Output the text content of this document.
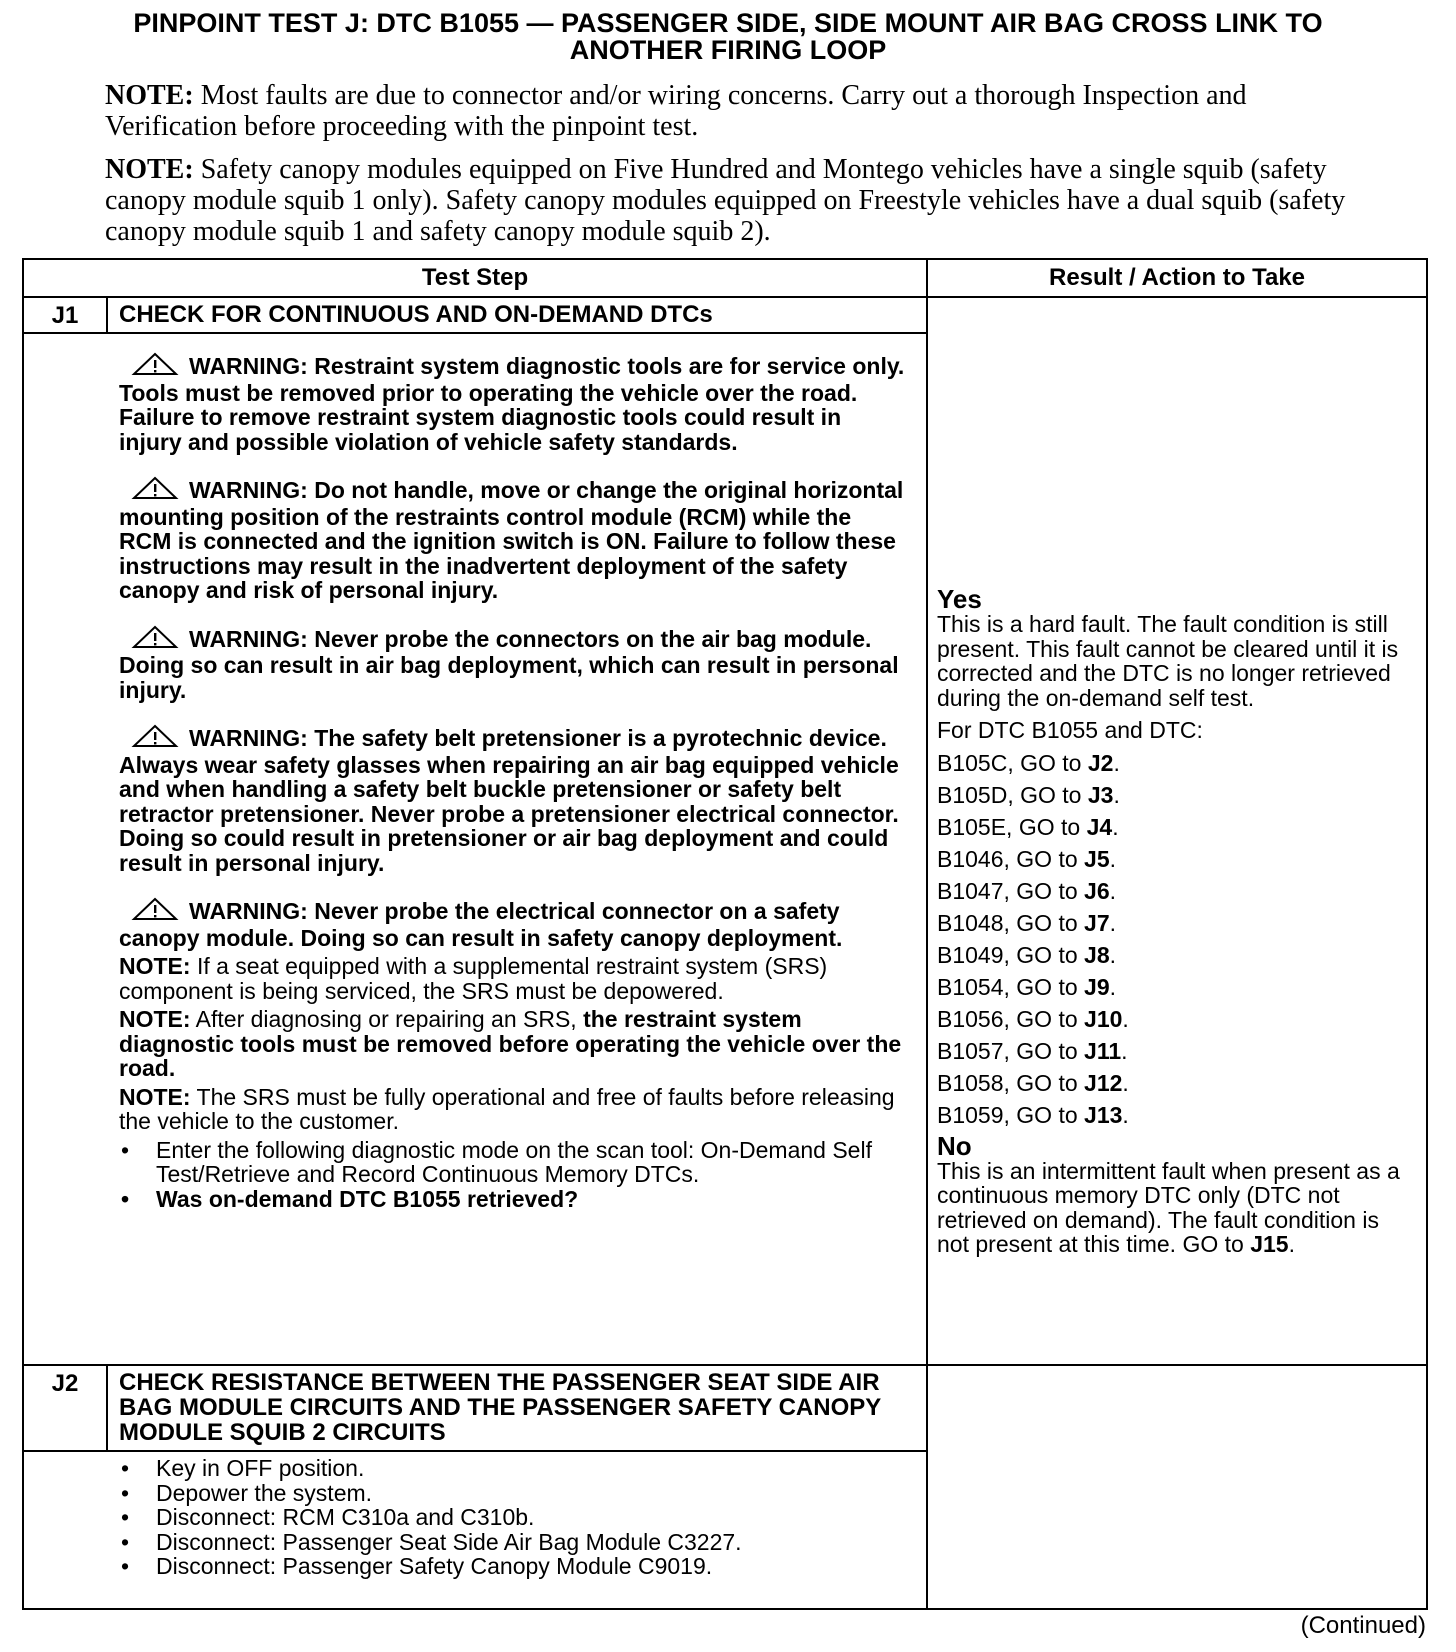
PINPOINT TEST J: DTC B1055 — PASSENGER SIDE, SIDE MOUNT AIR BAG CROSS LINK TO
ANOTHER FIRING LOOP
NOTE: Most faults are due to connector and/or wiring concerns. Carry out a thorough Inspection and Verification before proceeding with the pinpoint test.
NOTE: Safety canopy modules equipped on Five Hundred and Montego vehicles have a single squib (safety canopy module squib 1 only). Safety canopy modules equipped on Freestyle vehicles have a dual squib (safety canopy module squib 1 and safety canopy module squib 2).
Test Step	Result / Action to Take
J1	CHECK FOR CONTINUOUS AND ON-DEMAND DTCs
WARNING: Restraint system diagnostic tools are for service only. Tools must be removed prior to operating the vehicle over the road. Failure to remove restraint system diagnostic tools could result in injury and possible violation of vehicle safety standards.
WARNING: Do not handle, move or change the original horizontal mounting position of the restraints control module (RCM) while the RCM is connected and the ignition switch is ON. Failure to follow these instructions may result in the inadvertent deployment of the safety canopy and risk of personal injury.
WARNING: Never probe the connectors on the air bag module. Doing so can result in air bag deployment, which can result in personal injury.
WARNING: The safety belt pretensioner is a pyrotechnic device. Always wear safety glasses when repairing an air bag equipped vehicle and when handling a safety belt buckle pretensioner or safety belt retractor pretensioner. Never probe a pretensioner electrical connector. Doing so could result in pretensioner or air bag deployment and could result in personal injury.
WARNING: Never probe the electrical connector on a safety canopy module. Doing so can result in safety canopy deployment.
NOTE: If a seat equipped with a supplemental restraint system (SRS) component is being serviced, the SRS must be depowered.
NOTE: After diagnosing or repairing an SRS, the restraint system diagnostic tools must be removed before operating the vehicle over the road.
NOTE: The SRS must be fully operational and free of faults before releasing the vehicle to the customer.
• Enter the following diagnostic mode on the scan tool: On-Demand Self Test/Retrieve and Record Continuous Memory DTCs.
• Was on-demand DTC B1055 retrieved?
Yes
This is a hard fault. The fault condition is still present. This fault cannot be cleared until it is corrected and the DTC is no longer retrieved during the on-demand self test.
For DTC B1055 and DTC:
B105C, GO to J2.
B105D, GO to J3.
B105E, GO to J4.
B1046, GO to J5.
B1047, GO to J6.
B1048, GO to J7.
B1049, GO to J8.
B1054, GO to J9.
B1056, GO to J10.
B1057, GO to J11.
B1058, GO to J12.
B1059, GO to J13.
No
This is an intermittent fault when present as a continuous memory DTC only (DTC not retrieved on demand). The fault condition is not present at this time. GO to J15.
J2	CHECK RESISTANCE BETWEEN THE PASSENGER SEAT SIDE AIR BAG MODULE CIRCUITS AND THE PASSENGER SAFETY CANOPY MODULE SQUIB 2 CIRCUITS
• Key in OFF position.
• Depower the system.
• Disconnect: RCM C310a and C310b.
• Disconnect: Passenger Seat Side Air Bag Module C3227.
• Disconnect: Passenger Safety Canopy Module C9019.
(Continued)
